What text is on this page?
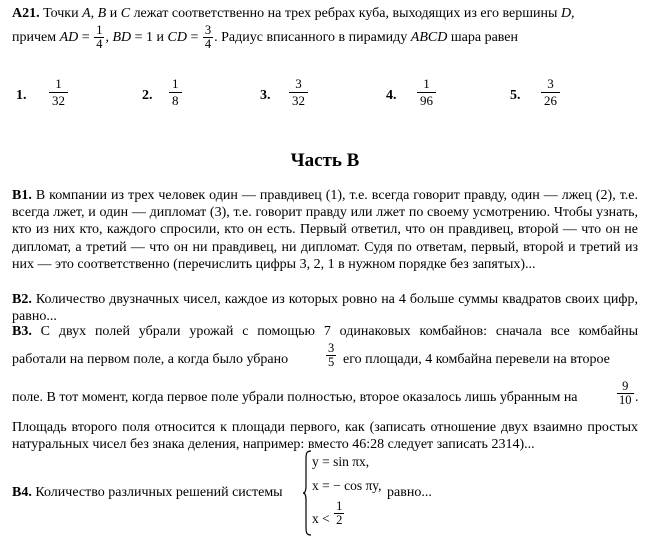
A21. Точки A, B и C лежат соответственно на трех ребрах куба, выходящих из его вершины D,
причем AD = $\frac{1}{4}$ , BD = 1 и CD = $\frac{3}{4}$ . Радиус вписанного в пирамиду ABCD шара равен
1. $\frac{1}{32}$	2. $\frac{1}{8}$	3. $\frac{3}{32}$	4. $\frac{1}{96}$	5. $\frac{3}{26}$
Часть В
В1. В компании из трех человек один — правдивец (1), т.е. всегда говорит правду, один — лжец (2), т.е. всегда лжет, и один — дипломат (3), т.е. говорит правду или лжет по своему усмотрению. Чтобы узнать, кто из них кто, каждого спросили, кто он есть. Первый ответил, что он правдивец, второй — что он не дипломат, а третий — что он ни правдивец, ни дипломат. Судя по ответам, первый, второй и третий из них — это соответственно (перечислить цифры 3, 2, 1 в нужном порядке без запятых)...
В2. Количество двузначных чисел, каждое из которых ровно на 4 больше суммы квадратов своих цифр, равно...
В3. С двух полей убрали урожай с помощью 7 одинаковых комбайнов: сначала все комбайны
работали на первом поле, а когда было убрано	$\frac{3}{5}$ его площади, 4 комбайна перевели на второе
поле. В тот момент, когда первое поле убрали полностью, второе оказалось лишь убранным на	$\frac{9}{10}$ .
Площадь второго поля относится к площади первого, как (записать отношение двух взаимно простых натуральных чисел без знака деления, например: вместо 46:28 следует записать 2314)...
В4. Количество различных решений системы
y = sin πx,
x = − cos πy,
$x < \frac{1}{2}$
равно...
